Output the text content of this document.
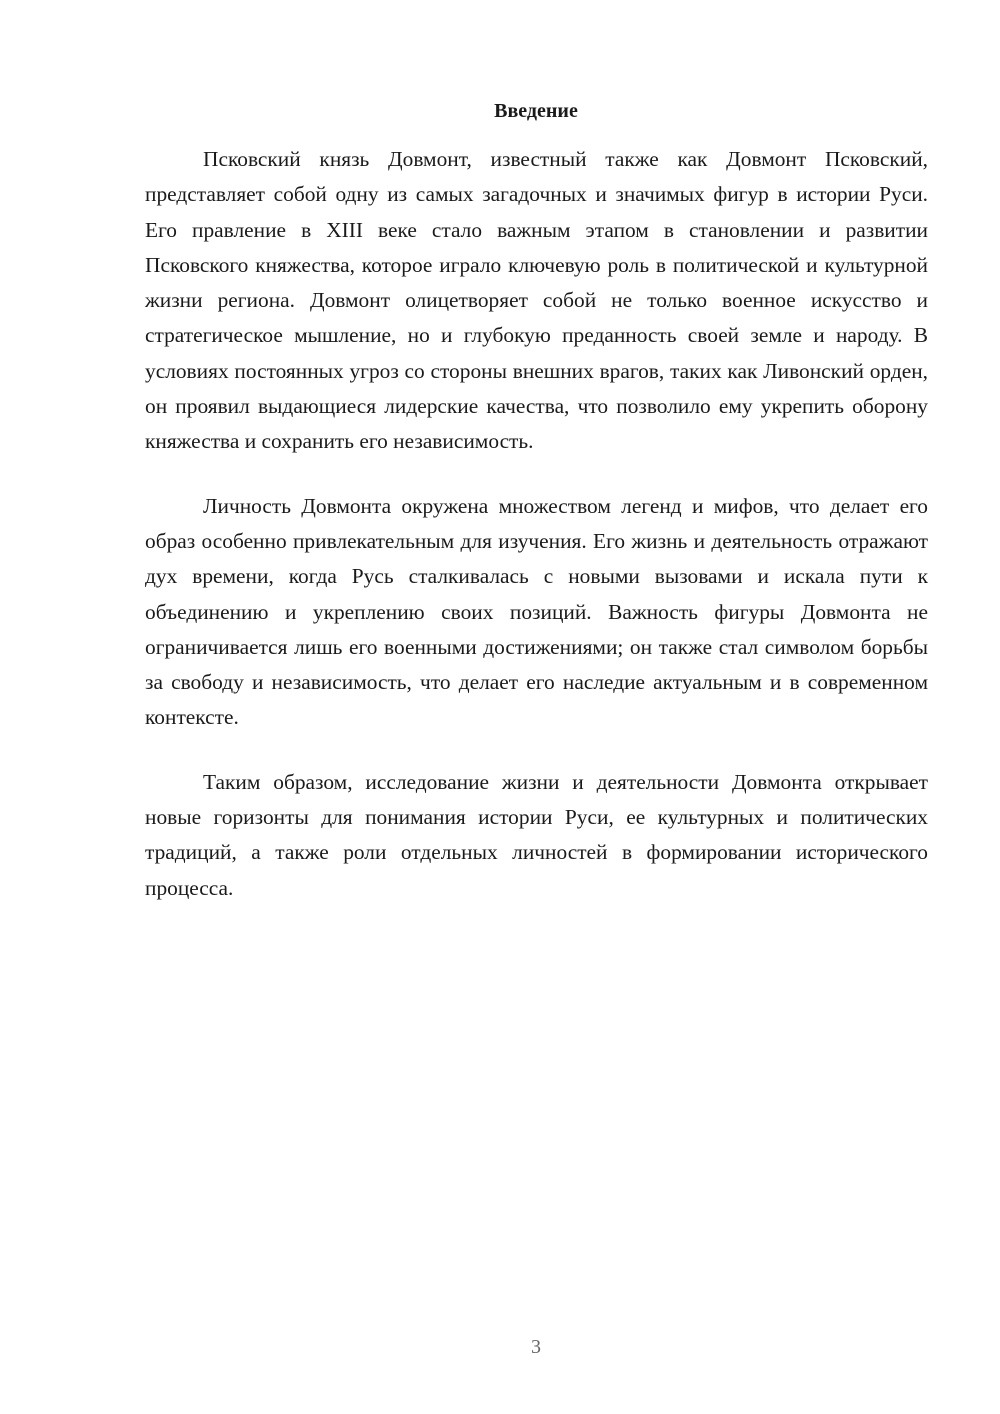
Введение

Псковский князь Довмонт, известный также как Довмонт Псковский, представляет собой одну из самых загадочных и значимых фигур в истории Руси. Его правление в XIII веке стало важным этапом в становлении и развитии Псковского княжества, которое играло ключевую роль в политической и культурной жизни региона. Довмонт олицетворяет собой не только военное искусство и стратегическое мышление, но и глубокую преданность своей земле и народу. В условиях постоянных угроз со стороны внешних врагов, таких как Ливонский орден, он проявил выдающиеся лидерские качества, что позволило ему укрепить оборону княжества и сохранить его независимость.

Личность Довмонта окружена множеством легенд и мифов, что делает его образ особенно привлекательным для изучения. Его жизнь и деятельность отражают дух времени, когда Русь сталкивалась с новыми вызовами и искала пути к объединению и укреплению своих позиций. Важность фигуры Довмонта не ограничивается лишь его военными достижениями; он также стал символом борьбы за свободу и независимость, что делает его наследие актуальным и в современном контексте.

Таким образом, исследование жизни и деятельности Довмонта открывает новые горизонты для понимания истории Руси, ее культурных и политических традиций, а также роли отдельных личностей в формировании исторического процесса.

3
